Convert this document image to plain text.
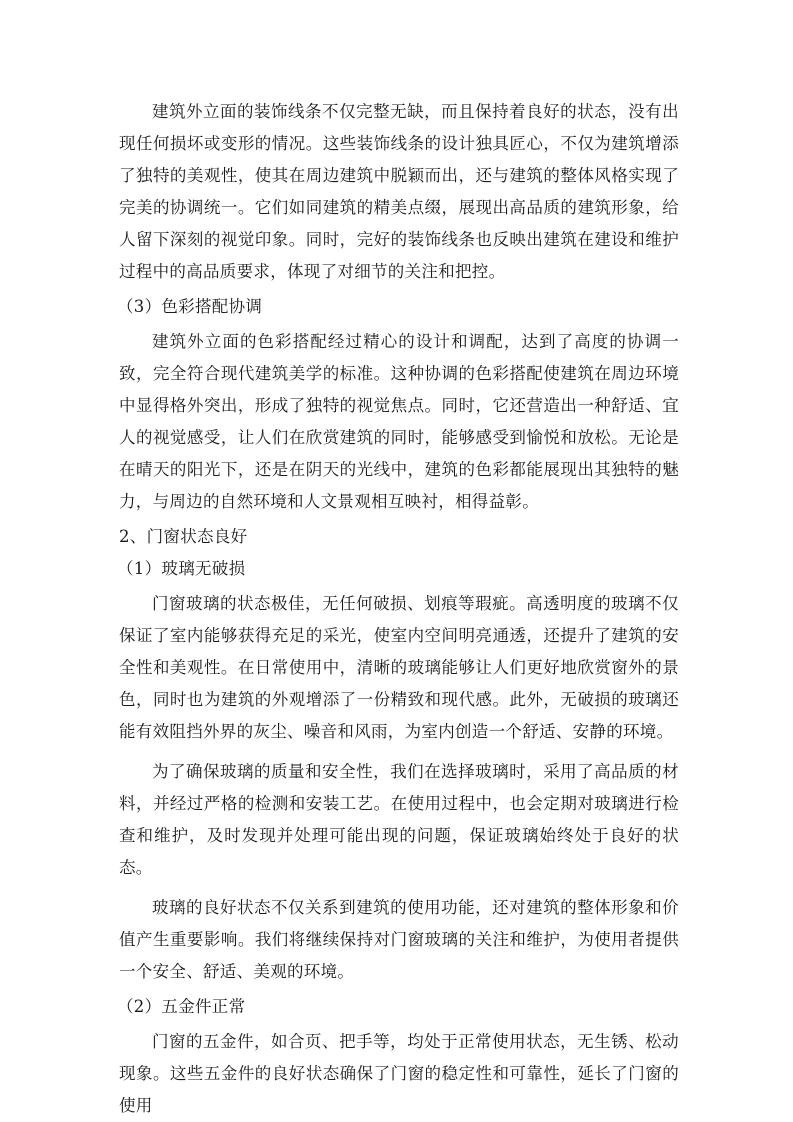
建筑外立面的装饰线条不仅完整无缺，而且保持着良好的状态，没有出现任何损坏或变形的情况。这些装饰线条的设计独具匠心，不仅为建筑增添了独特的美观性，使其在周边建筑中脱颖而出，还与建筑的整体风格实现了完美的协调统一。它们如同建筑的精美点缀，展现出高品质的建筑形象，给人留下深刻的视觉印象。同时，完好的装饰线条也反映出建筑在建设和维护过程中的高品质要求，体现了对细节的关注和把控。

（3）色彩搭配协调

建筑外立面的色彩搭配经过精心的设计和调配，达到了高度的协调一致，完全符合现代建筑美学的标准。这种协调的色彩搭配使建筑在周边环境中显得格外突出，形成了独特的视觉焦点。同时，它还营造出一种舒适、宜人的视觉感受，让人们在欣赏建筑的同时，能够感受到愉悦和放松。无论是在晴天的阳光下，还是在阴天的光线中，建筑的色彩都能展现出其独特的魅力，与周边的自然环境和人文景观相互映衬，相得益彰。

2、门窗状态良好
（1）玻璃无破损

门窗玻璃的状态极佳，无任何破损、划痕等瑕疵。高透明度的玻璃不仅保证了室内能够获得充足的采光，使室内空间明亮通透，还提升了建筑的安全性和美观性。在日常使用中，清晰的玻璃能够让人们更好地欣赏窗外的景色，同时也为建筑的外观增添了一份精致和现代感。此外，无破损的玻璃还能有效阻挡外界的灰尘、噪音和风雨，为室内创造一个舒适、安静的环境。

为了确保玻璃的质量和安全性，我们在选择玻璃时，采用了高品质的材料，并经过严格的检测和安装工艺。在使用过程中，也会定期对玻璃进行检查和维护，及时发现并处理可能出现的问题，保证玻璃始终处于良好的状态。

玻璃的良好状态不仅关系到建筑的使用功能，还对建筑的整体形象和价值产生重要影响。我们将继续保持对门窗玻璃的关注和维护，为使用者提供一个安全、舒适、美观的环境。

（2）五金件正常

门窗的五金件，如合页、把手等，均处于正常使用状态，无生锈、松动现象。这些五金件的良好状态确保了门窗的稳定性和可靠性，延长了门窗的使用
